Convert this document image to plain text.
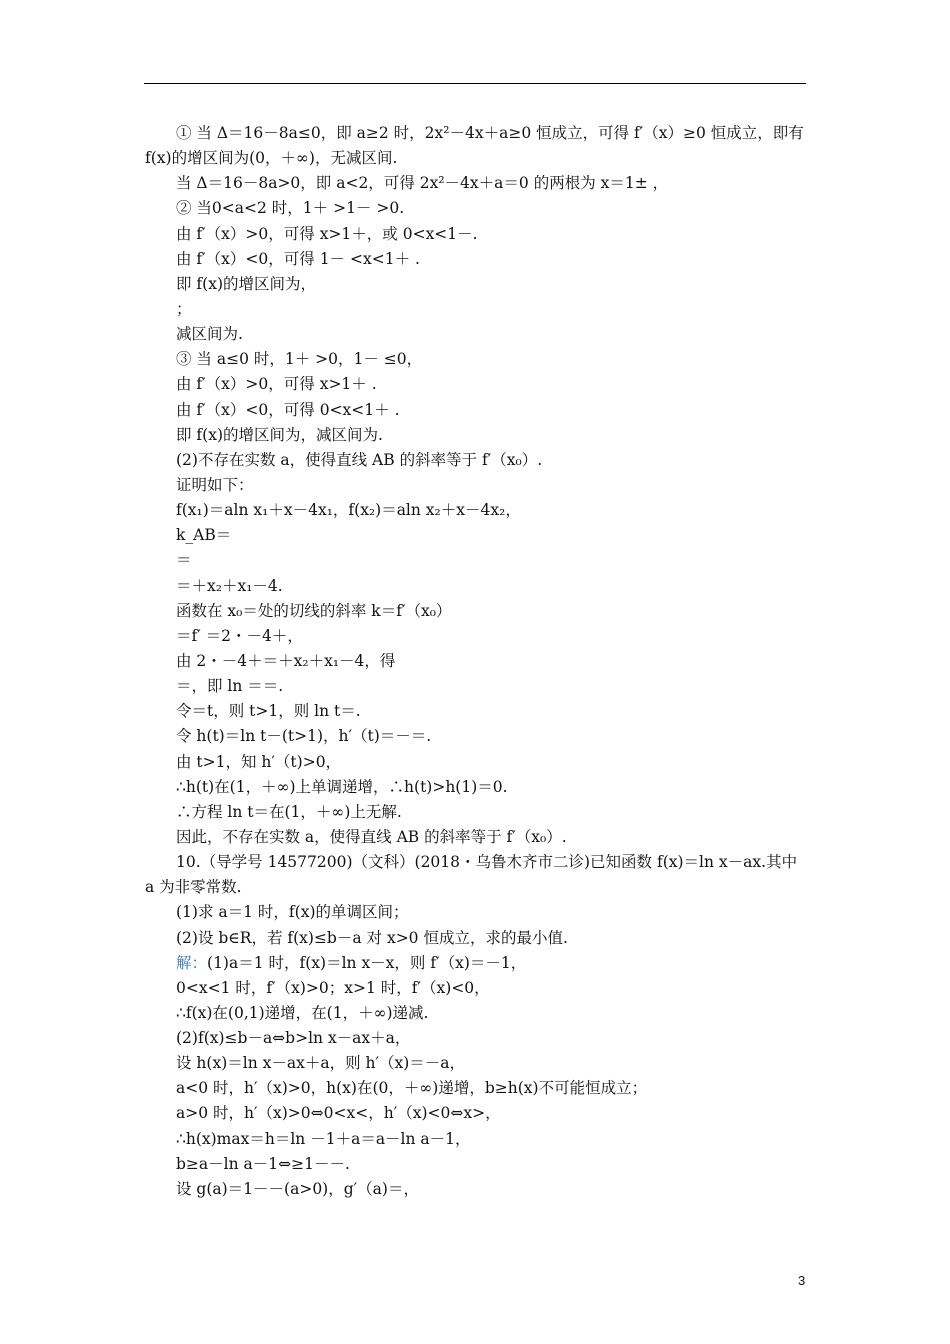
① 当 Δ＝16－8a≤0，即 a≥2 时，2x²－4x＋a≥0 恒成立，可得 f′（x）≥0 恒成立，即有
f(x)的增区间为(0，＋∞)，无减区间.
当 Δ＝16－8a>0，即 a<2，可得 2x²－4x＋a＝0 的两根为 x＝1± ，
② 当0<a<2 时，1＋ >1－ >0.
由 f′（x）>0，可得 x>1＋，或 0<x<1－.
由 f′（x）<0，可得 1－ <x<1＋ .
即 f(x)的增区间为，
；
减区间为.
③ 当 a≤0 时，1＋ >0，1－ ≤0，
由 f′（x）>0，可得 x>1＋ .
由 f′（x）<0，可得 0<x<1＋ .
即 f(x)的增区间为，减区间为.
(2)不存在实数 a，使得直线 AB 的斜率等于 f′（x₀）.
证明如下：
f(x₁)＝aln x₁＋x－4x₁，f(x₂)＝aln x₂＋x－4x₂，
k_AB＝
＝
＝＋x₂＋x₁－4.
函数在 x₀＝处的切线的斜率 k＝f′（x₀）
＝f′ ＝2・－4＋，
由 2・－4＋＝＋x₂＋x₁－4，得
＝，即 ln ＝＝.
令＝t，则 t>1，则 ln t＝.
令 h(t)＝ln t－(t>1)，h′（t)＝－＝.
由 t>1，知 h′（t)>0，
∴h(t)在(1，＋∞)上单调递增，∴h(t)>h(1)＝0.
∴方程 ln t＝在(1，＋∞)上无解.
因此，不存在实数 a，使得直线 AB 的斜率等于 f′（x₀）.
10.（导学号 14577200)（文科）(2018・乌鲁木齐市二诊)已知函数 f(x)＝ln x－ax.其中
a 为非零常数.
(1)求 a＝1 时，f(x)的单调区间；
(2)设 b∈R，若 f(x)≤b－a 对 x>0 恒成立，求的最小值.
解：(1)a＝1 时，f(x)＝ln x－x，则 f′（x)＝－1，
0<x<1 时，f′（x)>0；x>1 时，f′（x)<0，
∴f(x)在(0,1)递增，在(1，＋∞)递减.
(2)f(x)≤b－a⇔b>ln x－ax＋a，
设 h(x)＝ln x－ax＋a，则 h′（x)＝－a，
a<0 时，h′（x)>0，h(x)在(0，＋∞)递增，b≥h(x)不可能恒成立；
a>0 时，h′（x)>0⇔0<x<，h′（x)<0⇔x>，
∴h(x)max＝h＝ln －1＋a＝a－ln a－1，
b≥a－ln a－1⇔≥1－－.
设 g(a)＝1－－(a>0)，g′（a)＝，
3
